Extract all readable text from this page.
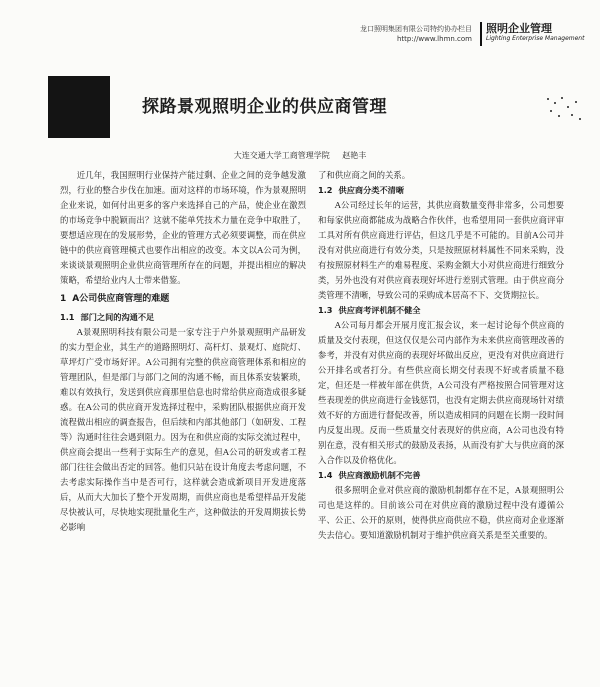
龙口照明集团有限公司特约协办栏目
http://www.lhmn.com
照明企业管理
Lighting Enterprise Management
探路景观照明企业的供应商管理
大连交通大学工商管理学院 赵艳丰

近几年，我国照明行业保持产能过剩、企业之间的竞争越发激烈，行业的整合步伐在加速。面对这样的市场环境，作为景观照明企业来说，如何付出更多的客户来选择自己的产品，使企业在激烈的市场竞争中脱颖而出？这就不能单凭技术力量在竞争中取胜了，要想适应现在的发展形势，企业的管理方式必须要调整，而在供应链中的供应商管理模式也要作出相应的改变。本文以A公司为例，来谈谈景观照明企业供应商管理所存在的问题，并提出相应的解决策略，希望给业内人士带来借鉴。

1 A公司供应商管理的难题
1.1 部门之间的沟通不足

A景观照明科技有限公司是一家专注于户外景观照明产品研发的实力型企业，其生产的道路照明灯、高杆灯、景观灯、庭院灯、草坪灯广受市场好评。A公司拥有完整的供应商管理体系和相应的管理团队，但是部门与部门之间的沟通不畅，而且体系安装繁琐，难以有效执行，发送到供应商那里信息也时常给供应商造成很多疑惑。在A公司的供应商开发选择过程中，采购团队根据供应商开发流程做出相应的调查报告，但后续和内部其他部门（如研发、工程等）沟通时往往会遇到阻力。因为在和供应商的实际交流过程中，供应商会提出一些利于实际生产的意见，但A公司的研发或者工程部门往往会做出否定的回答。他们只站在设计角度去考虑问题，不去考虑实际操作当中是否可行，这样就会造成新项目开发进度落后，从而大大加长了整个开发周期，而供应商也是希望样品开发能尽快被认可，尽快地实现批量化生产，这种做法的开发周期拔长势必影响

了和供应商之间的关系。

1.2 供应商分类不清晰

A公司经过长年的运营，其供应商数量变得非常多，公司想要和每家供应商都能成为战略合作伙伴，也希望用同一套供应商评审工具对所有供应商进行评估，但这几乎是不可能的。目前A公司并没有对供应商进行有效分类，只是按照原材料属性不同来采购，没有按照原材料生产的难易程度、采购金额大小对供应商进行细致分类，另外也没有对供应商表现好坏进行差别式管理。由于供应商分类管理不清晰，导致公司的采购成本居高不下、交货期拉长。

1.3 供应商考评机制不健全

A公司每月都会开展月度汇报会议，来一起讨论每个供应商的质量及交付表现，但这仅仅是公司内部作为未来供应商管理改善的参考，并没有对供应商的表现好坏做出反应，更没有对供应商进行公开排名或者打分。有些供应商长期交付表现不好或者质量不稳定，但还是一样被年部在供货，A公司没有严格按照合同管理对这些表现差的供应商进行金钱惩罚，也没有定期去供应商现场针对绩效不好的方面进行督促改善，所以造成相同的问题在长期一段时间内反复出现。反而一些质量交付表现好的供应商，A公司也没有特别在意，没有相关形式的鼓励及表扬，从而没有扩大与供应商的深入合作以及价格优化。

1.4 供应商激励机制不完善

很多照明企业对供应商的激励机制都存在不足，A景观照明公司也是这样的。目前该公司在对供应商的激励过程中没有遵循公平、公正、公开的原则，使得供应商供应不稳，供应商对企业逐渐失去信心。要知道激励机制对于维护供应商关系是至关重要的。
